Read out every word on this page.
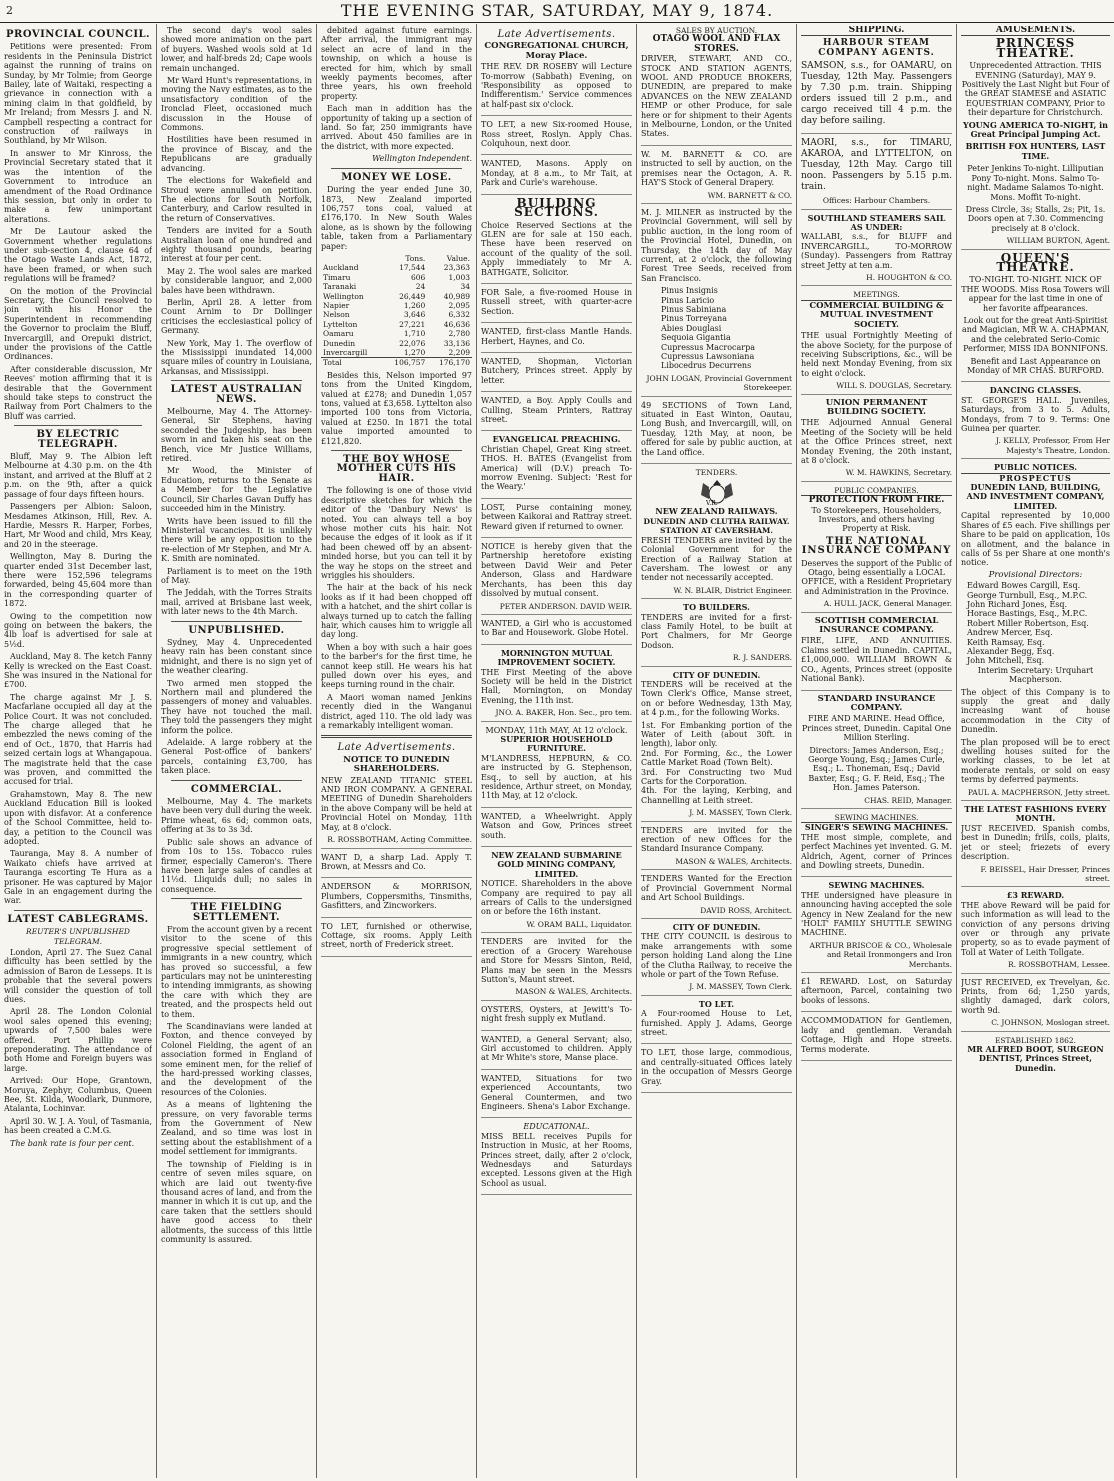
2	THE EVENING STAR, SATURDAY, MAY 9, 1874.
PROVINCIAL COUNCIL.

Petitions were presented: From residents in the Peninsula District against the running of trains on Sunday, by Mr Tolmie; from George Bailey, late of Waitaki, respecting a grievance in connection with a mining claim in that goldfield, by Mr Ireland; from Messrs J. and N. Campbell respecting a contract for construction of railways in Southland, by Mr Wilson.

In answer to Mr Kinross, the Provincial Secretary stated that it was the intention of the Government to introduce an amendment of the Road Ordinance this session, but only in order to make a few unimportant alterations.

Mr De Lautour asked the Government whether regulations under sub-section 4, clause 64 of the Otago Waste Lands Act, 1872, have been framed, or when such regulations will be framed?

On the motion of the Provincial Secretary, the Council resolved to join with his Honor the Superintendent in recommending the Governor to proclaim the Bluff, Invercargill, and Orepuki district, under the provisions of the Cattle Ordinances.

After considerable discussion, Mr Reeves' motion affirming that it is desirable that the Government should take steps to construct the Railway from Port Chalmers to the Bluff was carried.

BY ELECTRIC TELEGRAPH.

Bluff, May 9. The Albion left Melbourne at 4.30 p.m. on the 4th instant, and arrived at the Bluff at 2 p.m. on the 9th, after a quick passage of four days fifteen hours.

Passengers per Albion: Saloon, Mesdames Atkinson, Hill, Rev. A. Hardie, Messrs R. Harper, Forbes, Hart, Mr Wood and child, Mrs Keay, and 20 in the steerage.

Wellington, May 8. During the quarter ended 31st December last, there were 152,596 telegrams forwarded, being 45,604 more than in the corresponding quarter of 1872.

Owing to the competition now going on between the bakers, the 4lb loaf is advertised for sale at 5½d.

Auckland, May 8. The ketch Fanny Kelly is wrecked on the East Coast. She was insured in the National for £700.

The charge against Mr J. S. Macfarlane occupied all day at the Police Court. It was not concluded. The charge alleged that he embezzled the news coming of the end of Oct., 1870, that Harris had seized certain logs at Whangapoua. The magistrate held that the case was proven, and committed the accused for trial.

Grahamstown, May 8. The new Auckland Education Bill is looked upon with disfavor. At a conference of the School Committee, held to-day, a petition to the Council was adopted.

Tauranga, May 8. A number of Waikato chiefs have arrived at Tauranga escorting Te Hura as a prisoner. He was captured by Major Gale in an engagement during the war.

LATEST CABLEGRAMS.
REUTER'S UNPUBLISHED TELEGRAM.

London, April 27. The Suez Canal difficulty has been settled by the admission of Baron de Lesseps. It is probable that the several powers will consider the question of toll dues.

April 28. The London Colonial wool sales opened this evening; upwards of 7,500 bales were offered. Port Phillip were preponderating. The attendance of both Home and Foreign buyers was large.

Arrived: Our Hope, Grantown, Moruya, Zephyr, Columbus, Queen Bee, St. Kilda, Woodlark, Dunmore, Atalanta, Lochinvar.

April 30. W. J. A. Youl, of Tasmania, has been created a C.M.G.

The bank rate is four per cent.

The second day's wool sales showed more animation on the part of buyers. Washed wools sold at 1d lower, and half-breds 2d; Cape wools remain unchanged.

Mr Ward Hunt's representations, in moving the Navy estimates, as to the unsatisfactory condition of the Ironclad Fleet, occasioned much discussion in the House of Commons.

Hostilities have been resumed in the province of Biscay, and the Republicans are gradually advancing.

The elections for Wakefield and Stroud were annulled on petition. The elections for South Norfolk, Canterbury, and Carlow resulted in the return of Conservatives.

Tenders are invited for a South Australian loan of one hundred and eighty thousand pounds, bearing interest at four per cent.

May 2. The wool sales are marked by considerable languor, and 2,000 bales have been withdrawn.

Berlin, April 28. A letter from Count Arnim to Dr Dollinger criticises the ecclesiastical policy of Germany.

New York, May 1. The overflow of the Mississippi inundated 14,000 square miles of country in Louisiana, Arkansas, and Mississippi.

LATEST AUSTRALIAN NEWS.

Melbourne, May 4. The Attorney-General, Sir Stephens, having seconded the Judgeship, has been sworn in and taken his seat on the Bench, vice Mr Justice Williams, retired.

Mr Wood, the Minister of Education, returns to the Senate as a Member for the Legislative Council, Sir Charles Gavan Duffy has succeeded him in the Ministry.

Writs have been issued to fill the Ministerial vacancies. It is unlikely there will be any opposition to the re-election of Mr Stephen, and Mr A. K. Smith are nominated.

Parliament is to meet on the 19th of May.

The Jeddah, with the Torres Straits mail, arrived at Brisbane last week, with later news to the 4th March.

UNPUBLISHED.

Sydney, May 4. Unprecedented heavy rain has been constant since midnight, and there is no sign yet of the weather clearing.

Two armed men stopped the Northern mail and plundered the passengers of money and valuables. They have not touched the mail. They told the passengers they might inform the police.

Adelaide. A large robbery at the General Post-office of bankers' parcels, containing £3,700, has taken place.

COMMERCIAL.

Melbourne, May 4. The markets have been very dull during the week. Prime wheat, 6s 6d; common oats, offering at 3s to 3s 3d.

Public sale shows an advance of from 10s to 15s. Tobacco rules firmer, especially Cameron's. There have been large sales of candles at 11½d. Lliquids dull; no sales in consequence.

THE FIELDING SETTLEMENT.

From the account given by a recent visitor to the scene of this progressive special settlement of immigrants in a new country, which has proved so successful, a few particulars may not be uninteresting to intending immigrants, as showing the care with which they are treated, and the prospects held out to them.

The Scandinavians were landed at Foxton, and thence conveyed by Colonel Fielding, the agent of an association formed in England of some eminent men, for the relief of the hard-pressed working classes, and the development of the resources of the Colonies.

As a means of lightening the pressure, on very favorable terms from the Government of New Zealand, and so time was lost in setting about the establishment of a model settlement for immigrants.

The township of Fielding is in centre of seven miles square, on which are laid out twenty-five thousand acres of land, and from the manner in which it is cut up, and the care taken that the settlers should have good access to their allotments, the success of this little community is assured.

debited against future earnings. After arrival, the immigrant may select an acre of land in the township, on which a house is erected for him, which by small weekly payments becomes, after three years, his own freehold property.

Each man in addition has the opportunity of taking up a section of land. So far, 250 immigrants have arrived. About 450 families are in the district, with more expected.

Wellington Independent.

MONEY WE LOSE.

During the year ended June 30, 1873, New Zealand imported 106,757 tons coal, valued at £176,170. In New South Wales alone, as is shown by the following table, taken from a Parliamentary paper:

	Tons.	Value.
Auckland	17,544	23,363
Timaru	606	1,003
Taranaki	24	34
Wellington	26,449	40,989
Napier	1,260	2,095
Nelson	3,646	6,332
Lyttelton	27,221	46,636
Oamaru	1,710	2,780
Dunedin	22,076	33,136
Invercargill	1,270	2,209
Total	106,757	176,170

Besides this, Nelson imported 97 tons from the United Kingdom, valued at £278; and Dunedin 1,057 tons, valued at £3,658. Lyttelton also imported 100 tons from Victoria, valued at £250. In 1871 the total value imported amounted to £121,820.

THE BOY WHOSE MOTHER CUTS HIS HAIR.

The following is one of those vivid descriptive sketches for which the editor of the 'Danbury News' is noted. You can always tell a boy whose mother cuts his hair. Not because the edges of it look as if it had been chewed off by an absent-minded horse, but you can tell it by the way he stops on the street and wriggles his shoulders.

The hair at the back of his neck looks as if it had been chopped off with a hatchet, and the shirt collar is always turned up to catch the falling hair, which causes him to wriggle all day long.

When a boy with such a hair goes to the barber's for the first time, he cannot keep still. He wears his hat pulled down over his eyes, and keeps turning round in the chair.

A Maori woman named Jenkins recently died in the Wanganui district, aged 110. The old lady was a remarkably intelligent woman.

Late Advertisements.
NOTICE TO DUNEDIN SHAREHOLDERS.

NEW ZEALAND TITANIC STEEL AND IRON COMPANY. A GENERAL MEETING of Dunedin Shareholders in the above Company will be held at Provincial Hotel on Monday, 11th May, at 8 o'clock.

R. ROSSBOTHAM, Acting Committee.

WANT D, a sharp Lad. Apply T. Brown, at Messrs and Co.

ANDERSON & MORRISON, Plumbers, Coppersmiths, Tinsmiths, Gasfitters, and Zincworkers.

TO LET, furnished or otherwise, Cottage, six rooms. Apply Leith street, north of Frederick street.

Late Advertisements.
CONGREGATIONAL CHURCH, Moray Place.

THE REV. DR ROSEBY will Lecture To-morrow (Sabbath) Evening, on 'Responsibility as opposed to Indifferentism.' Service commences at half-past six o'clock.

TO LET, a new Six-roomed House, Ross street, Roslyn. Apply Chas. Colquhoun, next door.

WANTED, Masons. Apply on Monday, at 8 a.m., to Mr Tait, at Park and Curle's warehouse.

BUILDING SECTIONS.

Choice Reserved Sections at the GLEN are for sale at 150 each. These have been reserved on account of the quality of the soil. Apply immediately to Mr A. BATHGATE, Solicitor.

FOR Sale, a five-roomed House in Russell street, with quarter-acre Section.

WANTED, first-class Mantle Hands. Herbert, Haynes, and Co.

WANTED, Shopman, Victorian Butchery, Princes street. Apply by letter.

WANTED, a Boy. Apply Coulls and Culling, Steam Printers, Rattray street.

EVANGELICAL PREACHING.

Christian Chapel, Great King street. THOS. H. BATES (Evangelist from America) will (D.V.) preach To-morrow Evening. Subject: 'Rest for the Weary.'

LOST, Purse containing money, between Kaikorai and Rattray street. Reward given if returned to owner.

NOTICE is hereby given that the Partnership heretofore existing between David Weir and Peter Anderson, Glass and Hardware Merchants, has been this day dissolved by mutual consent.

PETER ANDERSON. DAVID WEIR.

WANTED, a Girl who is accustomed to Bar and Housework. Globe Hotel.

MORNINGTON MUTUAL IMPROVEMENT SOCIETY.

THE First Meeting of the above Society will be held in the District Hall, Mornington, on Monday Evening, the 11th inst.

JNO. A. BAKER, Hon. Sec., pro tem.
MONDAY, 11th MAY, At 12 o'clock.
SUPERIOR HOUSEHOLD FURNITURE.

M'LANDRESS, HEPBURN, & CO. are instructed by G. Stephenson, Esq., to sell by auction, at his residence, Arthur street, on Monday, 11th May, at 12 o'clock.

WANTED, a Wheelwright. Apply Watson and Gow, Princes street south.

NEW ZEALAND SUBMARINE GOLD MINING COMPANY, LIMITED.

NOTICE. Shareholders in the above Company are required to pay all arrears of Calls to the undersigned on or before the 16th instant.

W. ORAM BALL, Liquidator.

TENDERS are invited for the erection of a Grocery Warehouse and Store for Messrs Sinton, Reid, Plans may be seen in the Messrs Sutton's, Maunt street.

MASON & WALES, Architects.

OYSTERS, Oysters, at Jewitt's To-night fresh supply ex Mutland.

WANTED, a General Servant; also, Girl accustomed to children. Apply at Mr White's store, Manse place.

WANTED, Situations for two experienced Accountants, two General Countermen, and two Engineers. Shena's Labor Exchange.

EDUCATIONAL.

MISS BELL receives Pupils for Instruction in Music, at her Rooms, Princes street, daily, after 2 o'clock, Wednesdays and Saturdays excepted. Lessons given at the High School as usual.

SALES BY AUCTION.
OTAGO WOOL AND FLAX STORES.

DRIVER, STEWART, AND CO., STOCK AND STATION AGENTS, WOOL AND PRODUCE BROKERS, DUNEDIN, are prepared to make ADVANCES on the NEW ZEALAND HEMP or other Produce, for sale here or for shipment to their Agents in Melbourne, London, or the United States.

W. M. BARNETT & CO. are instructed to sell by auction, on the premises near the Octagon, A. R. HAY'S Stock of General Drapery.

WM. BARNETT & CO.

M. J. MILNER as instructed by the Provincial Government, will sell by public auction, in the long room of the Provincial Hotel, Dunedin, on Thursday, the 14th day of May current, at 2 o'clock, the following Forest Tree Seeds, received from San Francisco.

Pinus Insignis
Pinus Laricio
Pinus Sabiniana
Pinus Torreyana
Abies Douglasi
Sequoia Gigantia
Cupressus Macrocarpa
Cupressus Lawsoniana
Libocedrus Decurrens

JOHN LOGAN, Provincial Government Storekeeper.

49 SECTIONS of Town Land, situated in East Winton, Oautau, Long Bush, and Invercargill, will, on Tuesday, 12th May, at noon, be offered for sale by public auction, at the Land office.

TENDERS.
V.R.
NEW ZEALAND RAILWAYS.
DUNEDIN AND CLUTHA RAILWAY. STATION AT CAVERSHAM.

FRESH TENDERS are invited by the Colonial Government for the Erection of a Railway Station at Caversham. The lowest or any tender not necessarily accepted.

W. N. BLAIR, District Engineer.
TO BUILDERS.

TENDERS are invited for a first-class Family Hotel, to be built at Port Chalmers, for Mr George Dodson.

R. J. SANDERS.
CITY OF DUNEDIN.

TENDERS will be received at the Town Clerk's Office, Manse street, on or before Wednesday, 13th May, at 4 p.m., for the following Works.

1st. For Embanking portion of the Water of Leith (about 30ft. in length), labor only.
2nd. For Forming, &c., the Lower Cattle Market Road (Town Belt).
3rd. For Constructing two Mud Carts for the Corporation.
4th. For the laying, Kerbing, and Channelling at Leith street.

J. M. MASSEY, Town Clerk.

TENDERS are invited for the erection of new Offices for the Standard Insurance Company.

MASON & WALES, Architects.

TENDERS Wanted for the Erection of Provincial Government Normal and Art School Buildings.

DAVID ROSS, Architect.
CITY OF DUNEDIN.

THE CITY COUNCIL is desirous to make arrangements with some person holding Land along the Line of the Clutha Railway, to receive the whole or part of the Town Refuse.

J. M. MASSEY, Town Clerk.
TO LET.

A Four-roomed House to Let, furnished. Apply J. Adams, George street.

TO LET, those large, commodious, and centrally-situated Offices lately in the occupation of Messrs George Gray.

SHIPPING.
HARBOUR STEAM COMPANY AGENTS.

SAMSON, s.s., for OAMARU, on Tuesday, 12th May. Passengers by 7.30 p.m. train. Shipping orders issued till 2 p.m., and cargo received till 4 p.m. the day before sailing.

MAORI, s.s., for TIMARU, AKAROA, and LYTTELTON, on Tuesday, 12th May. Cargo till noon. Passengers by 5.15 p.m. train.

Offices: Harbour Chambers.
SOUTHLAND STEAMERS SAIL AS UNDER:

WALLABI, s.s., for BLUFF and INVERCARGILL, TO-MORROW (Sunday). Passengers from Rattray street Jetty at ten a.m.

H. HOUGHTON & CO.
MEETINGS.
COMMERCIAL BUILDING & MUTUAL INVESTMENT SOCIETY.

THE usual Fortnightly Meeting of the above Society, for the purpose of receiving Subscriptions, &c., will be held next Monday Evening, from six to eight o'clock.

WILL S. DOUGLAS, Secretary.
UNION PERMANENT BUILDING SOCIETY.

THE Adjourned Annual General Meeting of the Society will be held at the Office Princes street, next Monday Evening, the 20th instant, at 8 o'clock.

W. M. HAWKINS, Secretary.
PUBLIC COMPANIES.
PROTECTION FROM FIRE.

To Storekeepers, Householders, Investors, and others having Property at Risk.

THE NATIONAL INSURANCE COMPANY

Deserves the support of the Public of Otago, being essentially a LOCAL OFFICE, with a Resident Proprietary and Administration in the Province.

A. HULL JACK, General Manager.
SCOTTISH COMMERCIAL INSURANCE COMPANY.

FIRE, LIFE, AND ANNUITIES. Claims settled in Dunedin. CAPITAL, £1,000,000. WILLIAM BROWN & CO., Agents, Princes street (opposite National Bank).

STANDARD INSURANCE COMPANY.

FIRE AND MARINE. Head Office, Princes street, Dunedin. Capital One Million Sterling.

Directors: James Anderson, Esq.; George Young, Esq.; James Curle, Esq.; L. Thoneman, Esq.; David Baxter, Esq.; G. F. Reid, Esq.; The Hon. James Paterson.

CHAS. REID, Manager.
SEWING MACHINES.
SINGER'S SEWING MACHINES.

THE most simple, complete, and perfect Machines yet invented. G. M. Aldrich, Agent, corner of Princes and Dowling streets, Dunedin.

SEWING MACHINES.

THE undersigned have pleasure in announcing having accepted the sole Agency in New Zealand for the new 'HOLT' FAMILY SHUTTLE SEWING MACHINE.

ARTHUR BRISCOE & CO., Wholesale and Retail Ironmongers and Iron Merchants.

£1 REWARD. Lost, on Saturday afternoon, Parcel, containing two books of lessons.

ACCOMMODATION for Gentlemen, lady and gentleman. Verandah Cottage, High and Hope streets. Terms moderate.

AMUSEMENTS.
PRINCESS THEATRE.

Unprecedented Attraction. THIS EVENING (Saturday), MAY 9. Positively the Last Night but Four of the GREAT SIAMESE and ASIATIC EQUESTRIAN COMPANY, Prior to their departure for Christchurch.

YOUNG AMERICA TO-NIGHT, in Great Principal Jumping Act.

BRITISH FOX HUNTERS, LAST TIME.

Peter Jenkins To-night. Lilliputian Pony To-night. Mons. Salmo To-night. Madame Salamos To-night. Mons. Moffit To-night.

Dress Circle, 3s; Stalls, 2s; Pit, 1s. Doors open at 7.30. Commencing precisely at 8 o'clock.

WILLIAM BURTON, Agent.
QUEEN'S THEATRE.

TO-NIGHT. TO-NIGHT. NICK OF THE WOODS. Miss Rosa Towers will appear for the last time in one of her favorite affpearances.

Look out for the great Anti-Spiritist and Magician, MR W. A. CHAPMAN, and the celebrated Serio-Comic Performer, MISS IDA BONNIFONS.

Benefit and Last Appearance on Monday of MR CHAS. BURFORD.

DANCING CLASSES.

ST. GEORGE'S HALL. Juveniles, Saturdays, from 3 to 5. Adults, Mondays, from 7 to 9. Terms: One Guinea per quarter.

J. KELLY, Professor, From Her Majesty's Theatre, London.
PUBLIC NOTICES.
PROSPECTUS
DUNEDIN LAND, BUILDING, AND INVESTMENT COMPANY, LIMITED.

Capital represented by 10,000 Shares of £5 each. Five shillings per Share to be paid on application, 10s on allotment, and the balance in calls of 5s per Share at one month's notice.

Provisional Directors:
Edward Bowes Cargill, Esq.
George Turnbull, Esq., M.P.C.
John Richard Jones, Esq.
Horace Bastings, Esq., M.P.C.
Robert Miller Robertson, Esq.
Andrew Mercer, Esq.
Keith Ramsay, Esq.
Alexander Begg, Esq.
John Mitchell, Esq.

Interim Secretary: Urquhart Macpherson.

The object of this Company is to supply the great and daily increasing want of house accommodation in the City of Dunedin.

The plan proposed will be to erect dwelling houses suited for the working classes, to be let at moderate rentals, or sold on easy terms by deferred payments.

PAUL A. MACPHERSON, Jetty street.
THE LATEST FASHIONS EVERY MONTH.

JUST RECEIVED. Spanish combs, best in Dunedin; frills, coils, plaits, jet or steel; friezets of every description.

F. BEISSEL, Hair Dresser, Princes street.
£3 REWARD.

THE above Reward will be paid for such information as will lead to the conviction of any persons driving over or through any private property, so as to evade payment of Toll at Water of Leith Tollgate.

R. ROSSBOTHAM, Lessee.

JUST RECEIVED, ex Trevelyan, &c. Prints, from 6d; 1,250 yards, slightly damaged, dark colors, worth 9d.

C. JOHNSON, Moslogan street.
ESTABLISHED 1862.

MR ALFRED BOOT, SURGEON DENTIST, Princes Street, Dunedin.
